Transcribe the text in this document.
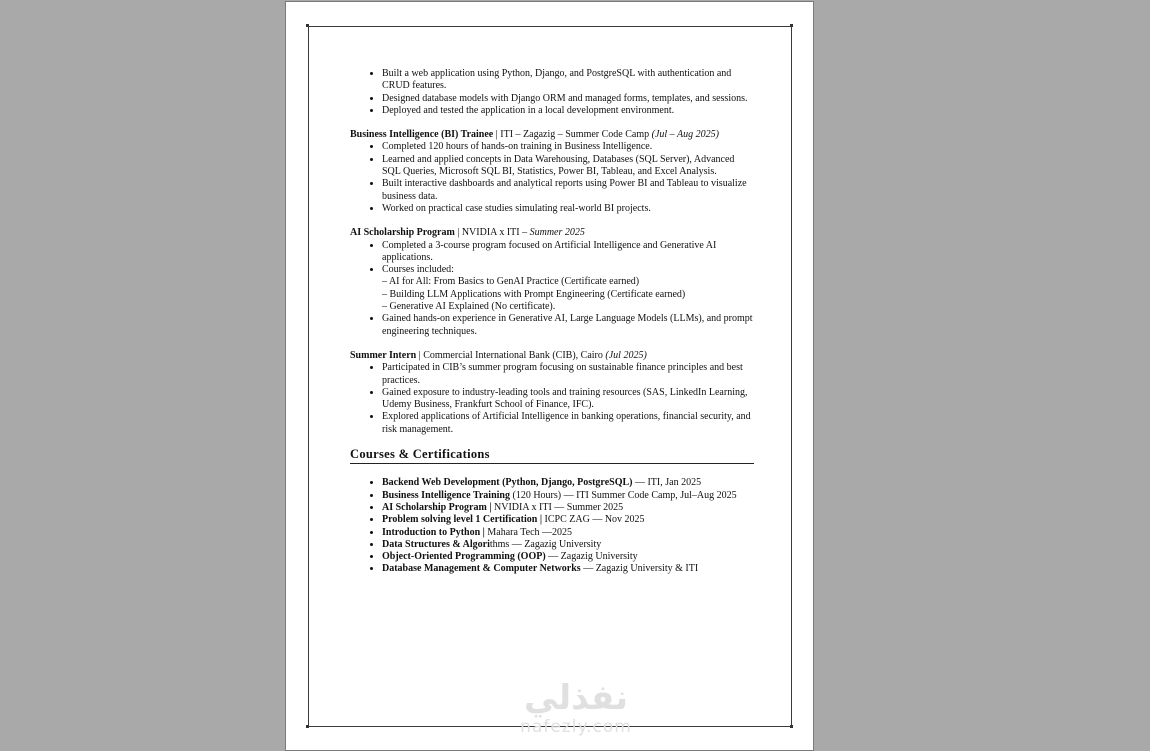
• Built a web application using Python, Django, and PostgreSQL with authentication and CRUD features.
• Designed database models with Django ORM and managed forms, templates, and sessions.
• Deployed and tested the application in a local development environment.
Business Intelligence (BI) Trainee | ITI – Zagazig – Summer Code Camp (Jul – Aug 2025)
• Completed 120 hours of hands-on training in Business Intelligence.
• Learned and applied concepts in Data Warehousing, Databases (SQL Server), Advanced SQL Queries, Microsoft SQL BI, Statistics, Power BI, Tableau, and Excel Analysis.
• Built interactive dashboards and analytical reports using Power BI and Tableau to visualize business data.
• Worked on practical case studies simulating real-world BI projects.
AI Scholarship Program | NVIDIA x ITI – Summer 2025
• Completed a 3-course program focused on Artificial Intelligence and Generative AI applications.
• Courses included:
– AI for All: From Basics to GenAI Practice (Certificate earned)
– Building LLM Applications with Prompt Engineering (Certificate earned)
– Generative AI Explained (No certificate).
• Gained hands-on experience in Generative AI, Large Language Models (LLMs), and prompt engineering techniques.
Summer Intern | Commercial International Bank (CIB), Cairo (Jul 2025)
• Participated in CIB’s summer program focusing on sustainable finance principles and best practices.
• Gained exposure to industry-leading tools and training resources (SAS, LinkedIn Learning, Udemy Business, Frankfurt School of Finance, IFC).
• Explored applications of Artificial Intelligence in banking operations, financial security, and risk management.
Courses & Certifications
• Backend Web Development (Python, Django, PostgreSQL) — ITI, Jan 2025
• Business Intelligence Training (120 Hours) — ITI Summer Code Camp, Jul–Aug 2025
• AI Scholarship Program | NVIDIA x ITI — Summer 2025
• Problem solving level 1 Certification | ICPC ZAG — Nov 2025
• Introduction to Python | Mahara Tech —2025
• Data Structures & Algorithms — Zagazig University
• Object-Oriented Programming (OOP) — Zagazig University
• Database Management & Computer Networks — Zagazig University & ITI
نفذلي
nafezly.com
